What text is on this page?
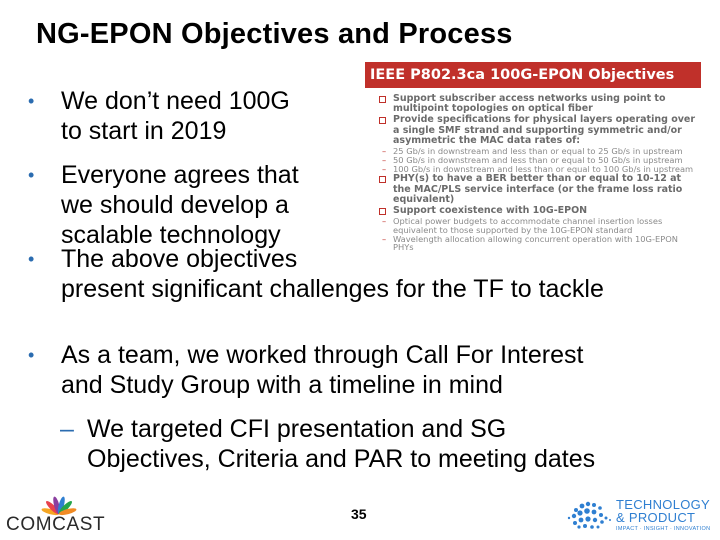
NG-EPON Objectives and Process
IEEE P802.3ca 100G-EPON Objectives
Support subscriber access networks using point to multipoint topologies on optical fiber
Provide specifications for physical layers operating over a single SMF strand and supporting symmetric and/or asymmetric the MAC data rates of:
– 25 Gb/s in downstream and less than or equal to 25 Gb/s in upstream
– 50 Gb/s in downstream and less than or equal to 50 Gb/s in upstream
– 100 Gb/s in downstream and less than or equal to 100 Gb/s in upstream
PHY(s) to have a BER better than or equal to 10-12 at the MAC/PLS service interface (or the frame loss ratio equivalent)
Support coexistence with 10G-EPON
– Optical power budgets to accommodate channel insertion losses equivalent to those supported by the 10G-EPON standard
– Wavelength allocation allowing concurrent operation with 10G-EPON PHYs
• We don’t need 100G
to start in 2019
• Everyone agrees that
we should develop a
scalable technology
• The above objectives
present significant challenges for the TF to tackle
• As a team, we worked through Call For Interest
and Study Group with a timeline in mind
– We targeted CFI presentation and SG
Objectives, Criteria and PAR to meeting dates
COMCAST	35
TECHNOLOGY
& PRODUCT
IMPACT · INSIGHT · INNOVATION
